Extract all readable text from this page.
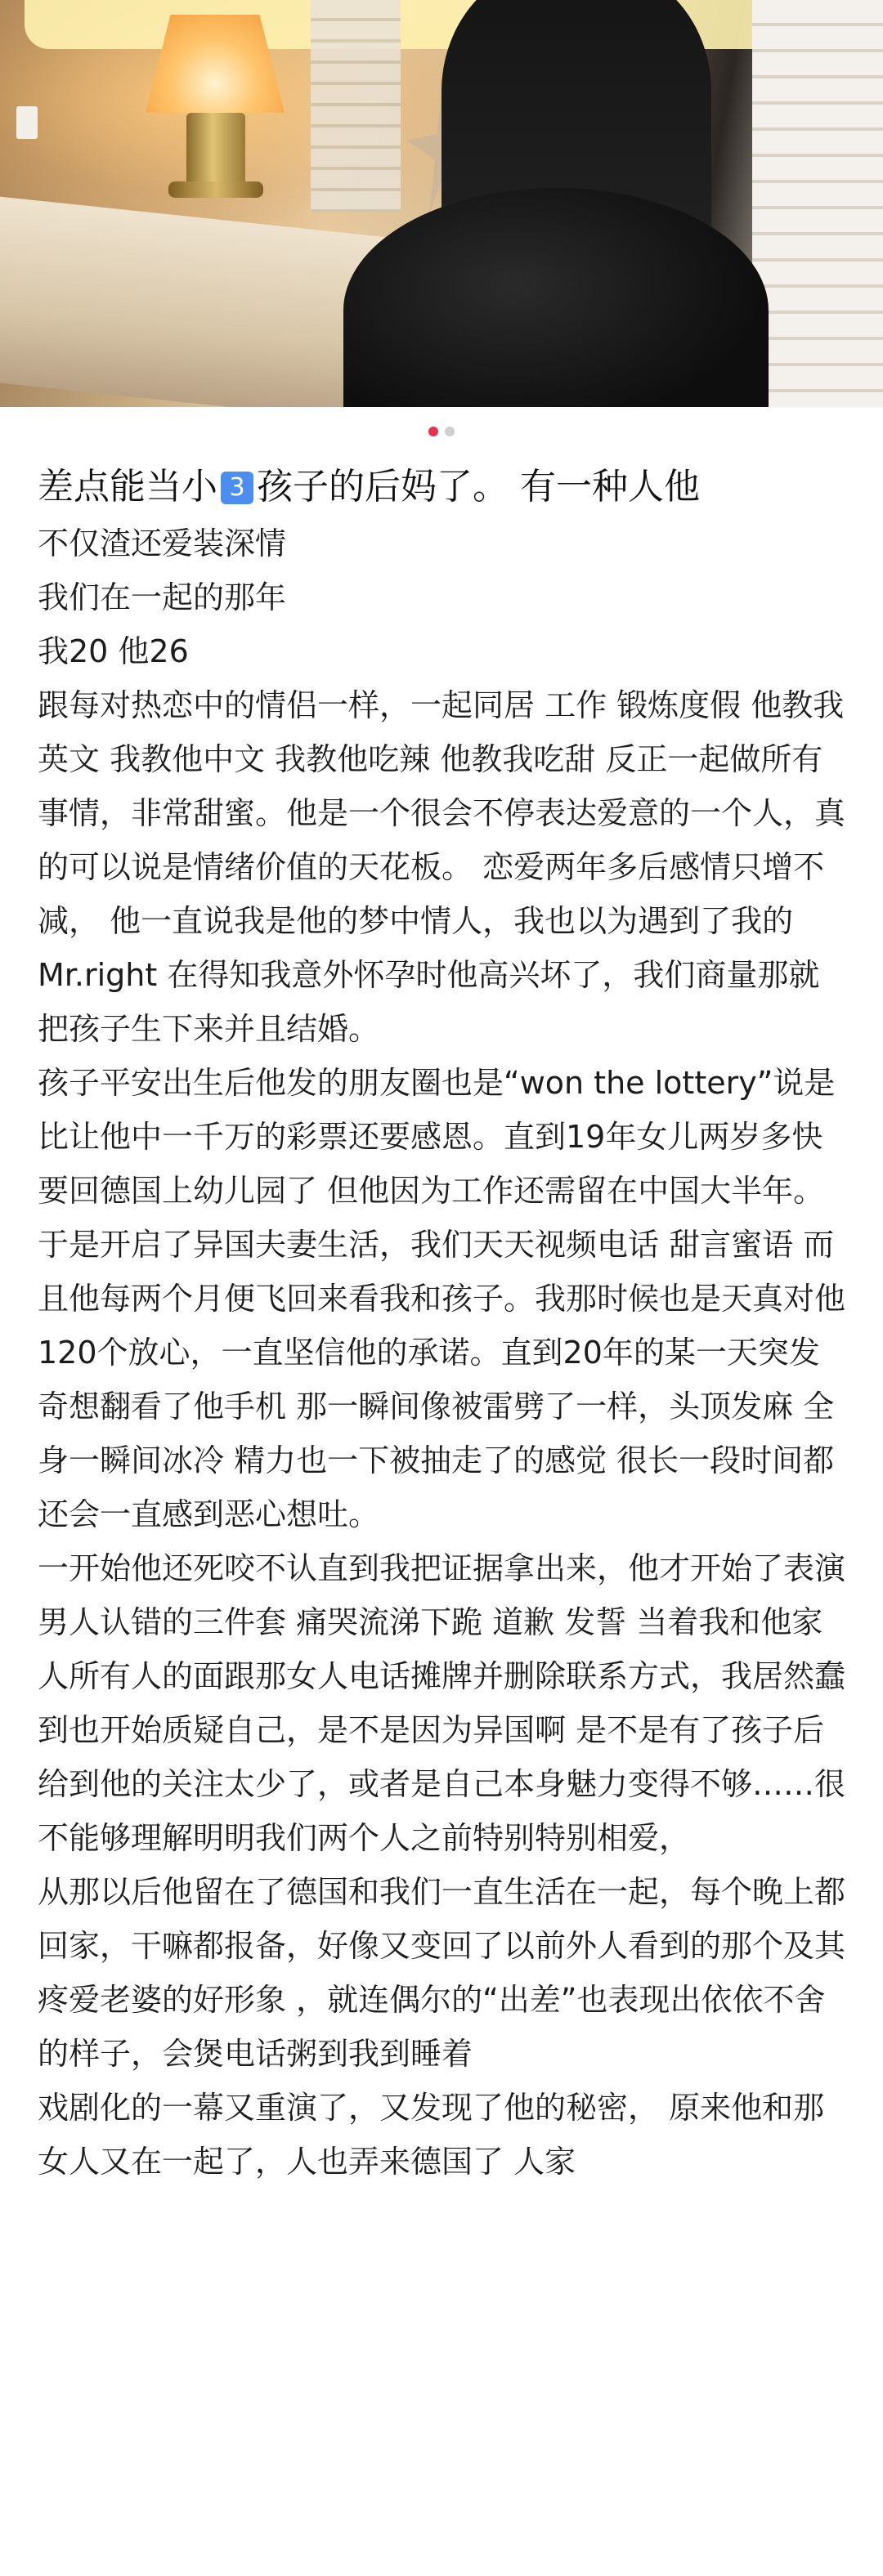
差点能当小 3 孩子的后妈了。 有一种人他

不仅渣还爱装深情

我们在一起的那年

我20 他26

跟每对热恋中的情侣一样，一起同居 工作 锻炼度假 他教我英文 我教他中文 我教他吃辣 他教我吃甜 反正一起做所有事情，非常甜蜜。他是一个很会不停表达爱意的一个人，真的可以说是情绪价值的天花板。 恋爱两年多后感情只增不减， 他一直说我是他的梦中情人，我也以为遇到了我的Mr.right 在得知我意外怀孕时他高兴坏了，我们商量那就把孩子生下来并且结婚。

孩子平安出生后他发的朋友圈也是“won the lottery”说是比让他中一千万的彩票还要感恩。直到19年女儿两岁多快要回德国上幼儿园了 但他因为工作还需留在中国大半年。于是开启了异国夫妻生活，我们天天视频电话 甜言蜜语 而且他每两个月便飞回来看我和孩子。我那时候也是天真对他120个放心，一直坚信他的承诺。直到20年的某一天突发奇想翻看了他手机 那一瞬间像被雷劈了一样，头顶发麻 全身一瞬间冰冷 精力也一下被抽走了的感觉 很长一段时间都还会一直感到恶心想吐。

一开始他还死咬不认直到我把证据拿出来，他才开始了表演 男人认错的三件套 痛哭流涕下跪 道歉 发誓 当着我和他家人所有人的面跟那女人电话摊牌并删除联系方式，我居然蠢到也开始质疑自己，是不是因为异国啊 是不是有了孩子后给到他的关注太少了，或者是自己本身魅力变得不够……很不能够理解明明我们两个人之前特别特别相爱，

从那以后他留在了德国和我们一直生活在一起，每个晚上都回家，干嘛都报备，好像又变回了以前外人看到的那个及其疼爱老婆的好形象 ，就连偶尔的“出差”也表现出依依不舍的样子，会煲电话粥到我到睡着

戏剧化的一幕又重演了，又发现了他的秘密， 原来他和那女人又在一起了，人也弄来德国了 人家
